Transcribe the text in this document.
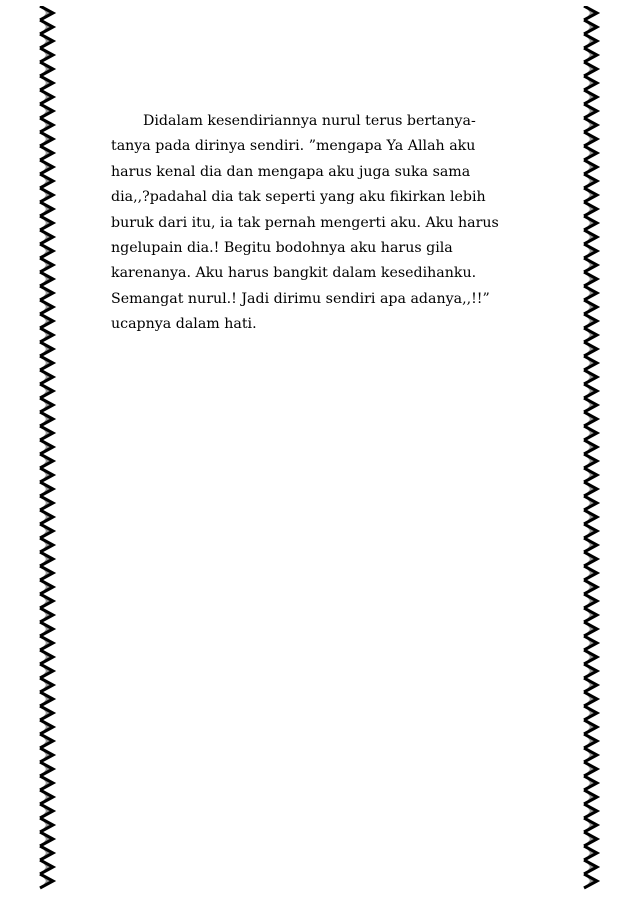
Didalam kesendiriannya nurul terus bertanya-
tanya pada dirinya sendiri. ”mengapa Ya Allah aku
harus kenal dia dan mengapa aku juga suka sama
dia,,?padahal dia tak seperti yang aku fikirkan lebih
buruk dari itu, ia tak pernah mengerti aku. Aku harus
ngelupain dia.! Begitu bodohnya aku harus gila
karenanya. Aku harus bangkit dalam kesedihanku.
Semangat nurul.! Jadi dirimu sendiri apa adanya,,!!”
ucapnya dalam hati.
